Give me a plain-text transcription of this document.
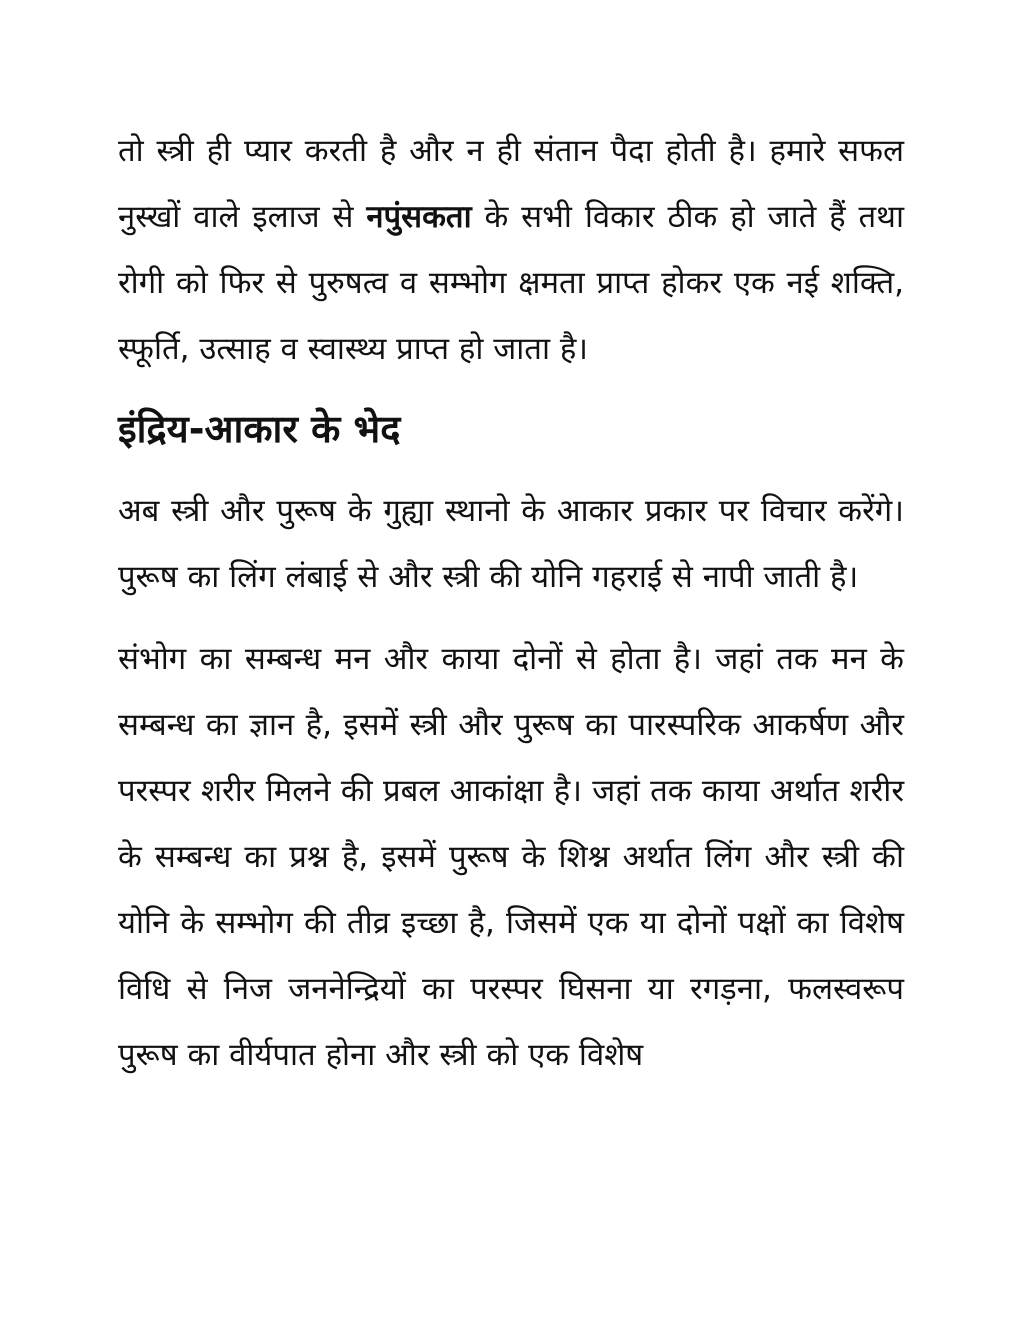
तो स्त्री ही प्यार करती है और न ही संतान पैदा होती है। हमारे सफल नुस्खों वाले इलाज से नपुंसकता के सभी विकार ठीक हो जाते हैं तथा रोगी को फिर से पुरुषत्व व सम्भोग क्षमता प्राप्त होकर एक नई शक्ति, स्फूर्ति, उत्साह व स्वास्थ्य प्राप्त हो जाता है।

इंद्रिय-आकार के भेद

अब स्त्री और पुरूष के गुह्या स्थानो के आकार प्रकार पर विचार करेंगे। पुरूष का लिंग लंबाई से और स्त्री की योनि गहराई से नापी जाती है।

संभोग का सम्बन्ध मन और काया दोनों से होता है। जहां तक मन के सम्बन्ध का ज्ञान है, इसमें स्त्री और पुरूष का पारस्परिक आकर्षण और परस्पर शरीर मिलने की प्रबल आकांक्षा है। जहां तक काया अर्थात शरीर के सम्बन्ध का प्रश्न है, इसमें पुरूष के शिश्न अर्थात लिंग और स्त्री की योनि के सम्भोग की तीव्र इच्छा है, जिसमें एक या दोनों पक्षों का विशेष विधि से निज जननेन्द्रियों का परस्पर घिसना या रगड़ना, फलस्वरूप पुरूष का वीर्यपात होना और स्त्री को एक विशेष
